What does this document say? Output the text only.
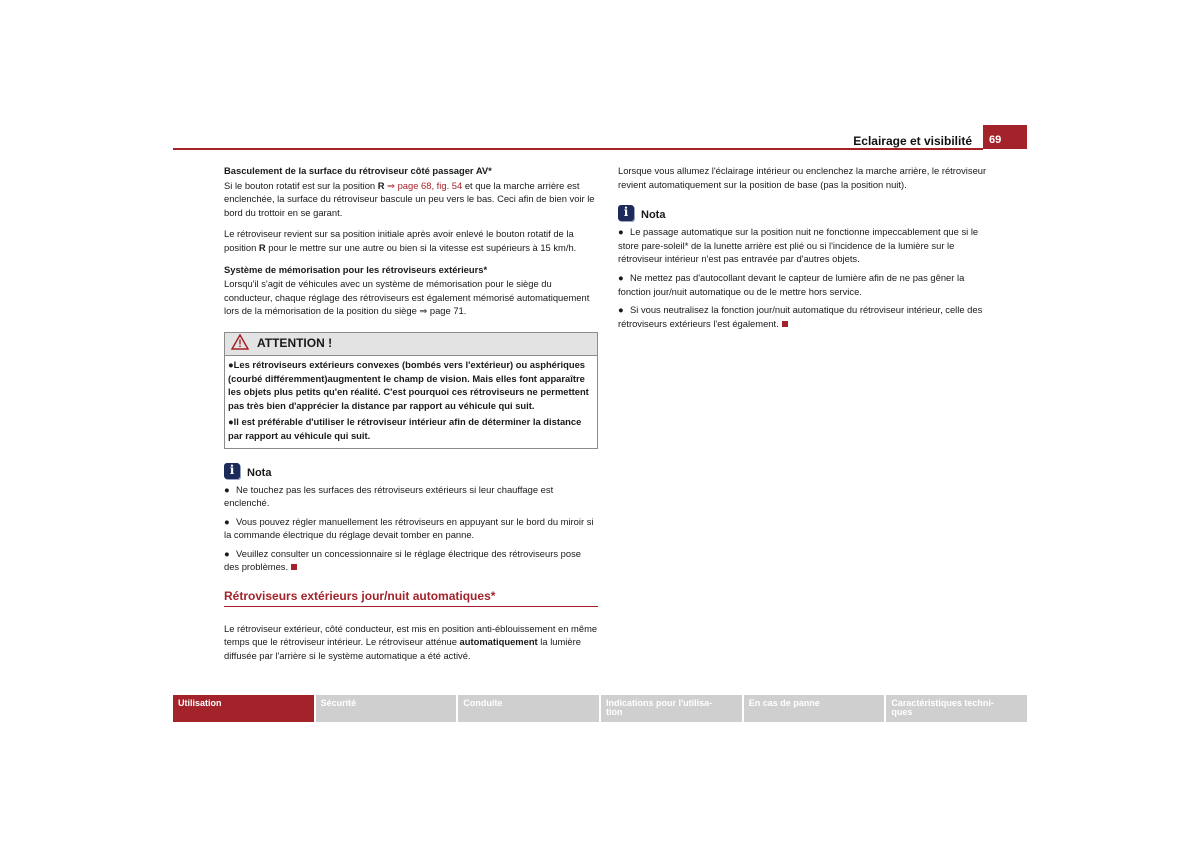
Eclairage et visibilité	69
Basculement de la surface du rétroviseur côté passager AV*

Si le bouton rotatif est sur la position R ⇒ page 68, fig. 54 et que la marche arrière est enclenchée, la surface du rétroviseur bascule un peu vers le bas. Ceci afin de bien voir le bord du trottoir en se garant.

Le rétroviseur revient sur sa position initiale après avoir enlevé le bouton rotatif de la position R pour le mettre sur une autre ou bien si la vitesse est supérieurs à 15 km/h.

Système de mémorisation pour les rétroviseurs extérieurs*

Lorsqu'il s'agit de véhicules avec un système de mémorisation pour le siège du conducteur, chaque réglage des rétroviseurs est également mémorisé automatiquement lors de la mémorisation de la position du siège ⇒ page 71.

ATTENTION !

●Les rétroviseurs extérieurs convexes (bombés vers l'extérieur) ou asphériques (courbé différemment)augmentent le champ de vision. Mais elles font apparaître les objets plus petits qu'en réalité. C'est pourquoi ces rétroviseurs ne permettent pas très bien d'apprécier la distance par rapport au véhicule qui suit.

●Il est préférable d'utiliser le rétroviseur intérieur afin de déterminer la distance par rapport au véhicule qui suit.

i	Nota

● Ne touchez pas les surfaces des rétroviseurs extérieurs si leur chauffage est enclenché.

● Vous pouvez régler manuellement les rétroviseurs en appuyant sur le bord du miroir si la commande électrique du réglage devait tomber en panne.

● Veuillez consulter un concessionnaire si le réglage électrique des rétroviseurs pose des problèmes.

Rétroviseurs extérieurs jour/nuit automatiques*

Le rétroviseur extérieur, côté conducteur, est mis en position anti-éblouissement en même temps que le rétroviseur intérieur. Le rétroviseur atténue automatiquement la lumière diffusée par l'arrière si le système automatique a été activé.

Lorsque vous allumez l'éclairage intérieur ou enclenchez la marche arrière, le rétroviseur revient automatiquement sur la position de base (pas la position nuit).

i	Nota

● Le passage automatique sur la position nuit ne fonctionne impeccablement que si le store pare-soleil* de la lunette arrière est plié ou si l'incidence de la lumière sur le rétroviseur intérieur n'est pas entravée par d'autres objets.

● Ne mettez pas d'autocollant devant le capteur de lumière afin de ne pas gêner la fonction jour/nuit automatique ou de le mettre hors service.

● Si vous neutralisez la fonction jour/nuit automatique du rétroviseur intérieur, celle des rétroviseurs extérieurs l'est également.

Utilisation	Sécurité	Conduite	Indications pour l'utilisa-
tion
En cas de panne	Caractéristiques techni-
ques
